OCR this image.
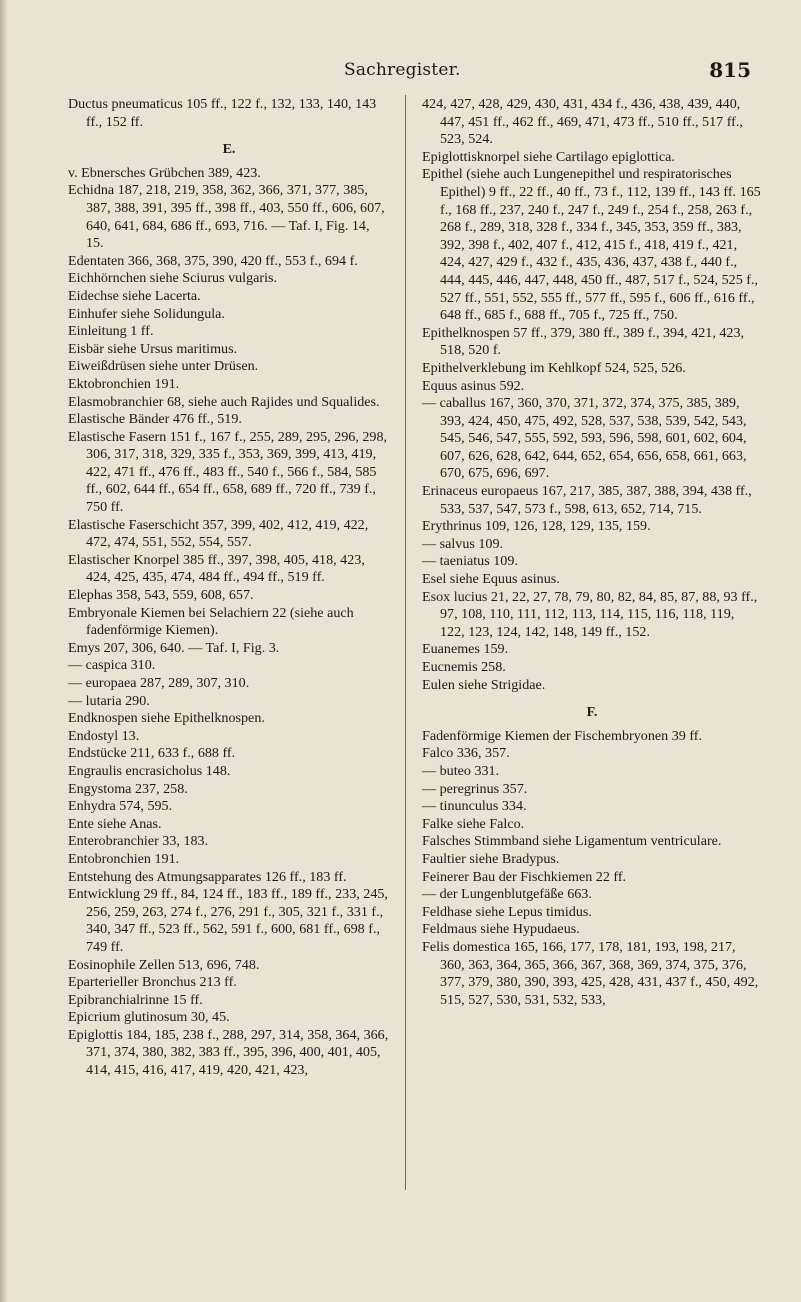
Sachregister.	815

Ductus pneumaticus 105 ff., 122 f., 132, 133, 140, 143 ff., 152 ff.

E.

v. Ebnersches Grübchen 389, 423.

Echidna 187, 218, 219, 358, 362, 366, 371, 377, 385, 387, 388, 391, 395 ff., 398 ff., 403, 550 ff., 606, 607, 640, 641, 684, 686 ff., 693, 716. — Taf. I, Fig. 14, 15.

Edentaten 366, 368, 375, 390, 420 ff., 553 f., 694 f.

Eichhörnchen siehe Sciurus vulgaris.

Eidechse siehe Lacerta.

Einhufer siehe Solidungula.

Einleitung 1 ff.

Eisbär siehe Ursus maritimus.

Eiweißdrüsen siehe unter Drüsen.

Ektobronchien 191.

Elasmobranchier 68, siehe auch Rajides und Squalides.

Elastische Bänder 476 ff., 519.

Elastische Fasern 151 f., 167 f., 255, 289, 295, 296, 298, 306, 317, 318, 329, 335 f., 353, 369, 399, 413, 419, 422, 471 ff., 476 ff., 483 ff., 540 f., 566 f., 584, 585 ff., 602, 644 ff., 654 ff., 658, 689 ff., 720 ff., 739 f., 750 ff.

Elastische Faserschicht 357, 399, 402, 412, 419, 422, 472, 474, 551, 552, 554, 557.

Elastischer Knorpel 385 ff., 397, 398, 405, 418, 423, 424, 425, 435, 474, 484 ff., 494 ff., 519 ff.

Elephas 358, 543, 559, 608, 657.

Embryonale Kiemen bei Selachiern 22 (siehe auch fadenförmige Kiemen).

Emys 207, 306, 640. — Taf. I, Fig. 3.

— caspica 310.

— europaea 287, 289, 307, 310.

— lutaria 290.

Endknospen siehe Epithelknospen.

Endostyl 13.

Endstücke 211, 633 f., 688 ff.

Engraulis encrasicholus 148.

Engystoma 237, 258.

Enhydra 574, 595.

Ente siehe Anas.

Enterobranchier 33, 183.

Entobronchien 191.

Entstehung des Atmungsapparates 126 ff., 183 ff.

Entwicklung 29 ff., 84, 124 ff., 183 ff., 189 ff., 233, 245, 256, 259, 263, 274 f., 276, 291 f., 305, 321 f., 331 f., 340, 347 ff., 523 ff., 562, 591 f., 600, 681 ff., 698 f., 749 ff.

Eosinophile Zellen 513, 696, 748.

Eparterieller Bronchus 213 ff.

Epibranchialrinne 15 ff.

Epicrium glutinosum 30, 45.

Epiglottis 184, 185, 238 f., 288, 297, 314, 358, 364, 366, 371, 374, 380, 382, 383 ff., 395, 396, 400, 401, 405, 414, 415, 416, 417, 419, 420, 421, 423,

424, 427, 428, 429, 430, 431, 434 f., 436, 438, 439, 440, 447, 451 ff., 462 ff., 469, 471, 473 ff., 510 ff., 517 ff., 523, 524.

Epiglottisknorpel siehe Cartilago epiglottica.

Epithel (siehe auch Lungenepithel und respiratorisches Epithel) 9 ff., 22 ff., 40 ff., 73 f., 112, 139 ff., 143 ff. 165 f., 168 ff., 237, 240 f., 247 f., 249 f., 254 f., 258, 263 f., 268 f., 289, 318, 328 f., 334 f., 345, 353, 359 ff., 383, 392, 398 f., 402, 407 f., 412, 415 f., 418, 419 f., 421, 424, 427, 429 f., 432 f., 435, 436, 437, 438 f., 440 f., 444, 445, 446, 447, 448, 450 ff., 487, 517 f., 524, 525 f., 527 ff., 551, 552, 555 ff., 577 ff., 595 f., 606 ff., 616 ff., 648 ff., 685 f., 688 ff., 705 f., 725 ff., 750.

Epithelknospen 57 ff., 379, 380 ff., 389 f., 394, 421, 423, 518, 520 f.

Epithelverklebung im Kehlkopf 524, 525, 526.

Equus asinus 592.

— caballus 167, 360, 370, 371, 372, 374, 375, 385, 389, 393, 424, 450, 475, 492, 528, 537, 538, 539, 542, 543, 545, 546, 547, 555, 592, 593, 596, 598, 601, 602, 604, 607, 626, 628, 642, 644, 652, 654, 656, 658, 661, 663, 670, 675, 696, 697.

Erinaceus europaeus 167, 217, 385, 387, 388, 394, 438 ff., 533, 537, 547, 573 f., 598, 613, 652, 714, 715.

Erythrinus 109, 126, 128, 129, 135, 159.

— salvus 109.

— taeniatus 109.

Esel siehe Equus asinus.

Esox lucius 21, 22, 27, 78, 79, 80, 82, 84, 85, 87, 88, 93 ff., 97, 108, 110, 111, 112, 113, 114, 115, 116, 118, 119, 122, 123, 124, 142, 148, 149 ff., 152.

Euanemes 159.

Eucnemis 258.

Eulen siehe Strigidae.

F.

Fadenförmige Kiemen der Fischembryonen 39 ff.

Falco 336, 357.

— buteo 331.

— peregrinus 357.

— tinunculus 334.

Falke siehe Falco.

Falsches Stimmband siehe Ligamentum ventriculare.

Faultier siehe Bradypus.

Feinerer Bau der Fischkiemen 22 ff.

— der Lungenblutgefäße 663.

Feldhase siehe Lepus timidus.

Feldmaus siehe Hypudaeus.

Felis domestica 165, 166, 177, 178, 181, 193, 198, 217, 360, 363, 364, 365, 366, 367, 368, 369, 374, 375, 376, 377, 379, 380, 390, 393, 425, 428, 431, 437 f., 450, 492, 515, 527, 530, 531, 532, 533,
